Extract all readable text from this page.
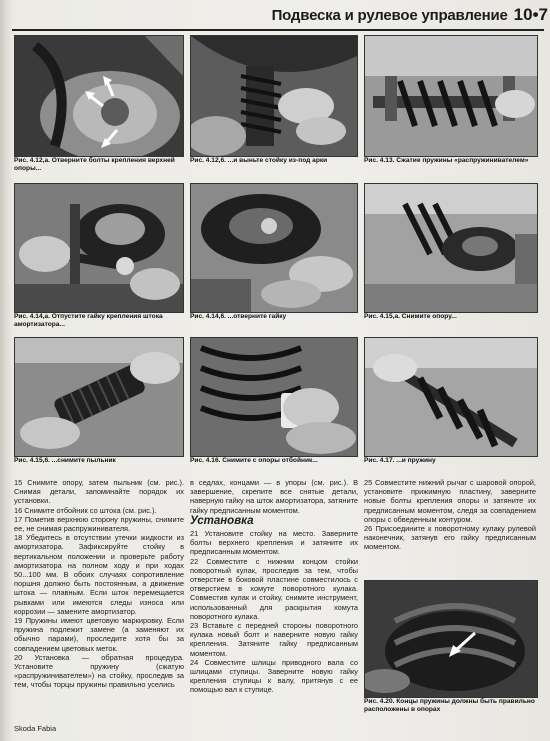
Подвеска и рулевое управление 10•7
Рис. 4.12,а. Отверните болты крепления верхней опоры...
Рис. 4.12,6. ...и выньте стойку из-под арки	Рис. 4.13. Сжатие пружины «распружинивателем»
Рис. 4.14,а. Отпустите гайку крепления штока амортизатора...
Рис. 4.14,6. ...отверните гайку	Рис. 4.15,а. Снимите опору...
Рис. 4.15,6. ...снимите пыльник	Рис. 4.16. Снимите с опоры отбойник...	Рис. 4.17. ...и пружину

15 Снимите опору, затем пыльник (см. рис.). Снимая детали, запоминайте порядок их установки.

16 Снимите отбойник со штока (см. рис.).

17 Пометив верхнюю сторону пружины, снимите ее, не снимая распружинивателя.

18 Убедитесь в отсутствии утечки жидкости из амортизатора. Зафиксируйте стойку в вертикальном положении и проверьте работу амортизатора на полном ходу и при ходах 50...100 мм. В обоих случаях сопротивление поршня должно быть постоянным, а движение штока — плавным. Если шток перемещается рывками или имеются следы износа или коррозии — замените амортизатор.

19 Пружины имеют цветовую маркировку. Если пружина подлежит замене (а заменяют их обычно парами), проследите хотя бы за совпадением цветовых меток.

20 Установка — обратная процедура. Установите пружину (сжатую «распружинивателем») на стойку, проследив за тем, чтобы торцы пружины правильно уселись

в седлах, концами — в упоры (см. рис.). В завершение, скрепите все снятые детали, наверную гайку на шток амортизатора, затяните гайку предписанным моментом.

Установка

21 Установите стойку на место. Заверните болты верхнего крепления и затяните их предписанным моментом.

22 Совместите с нижним концом стойки поворотный кулак, проследив за тем, чтобы отверстие в боковой пластине совместилось с отверстием в хомуте поворотного кулака. Совместив кулак и стойку, снимите инструмент, использованный для раскрытия хомута поворотного кулака.

23 Вставьте с передней стороны поворотного кулака новый болт и наверните новую гайку крепления. Затяните гайку предписанным моментом.

24 Совместите шлицы приводного вала со шлицами ступицы. Заверните новую гайку крепления ступицы к валу, притянув с ее помощью вал к ступице.

25 Совместите нижний рычаг с шаровой опорой, установите прижимную пластину, заверните новые болты крепления опоры и затяните их предписанным моментом, следя за совпадением опоры с обведенным контуром.

26 Присоедините к поворотному кулаку рулевой наконечник, затянув его гайку предписанным моментом.

Рис. 4.20. Концы пружины должны быть правильно расположены в опорах
Skoda Fabia
